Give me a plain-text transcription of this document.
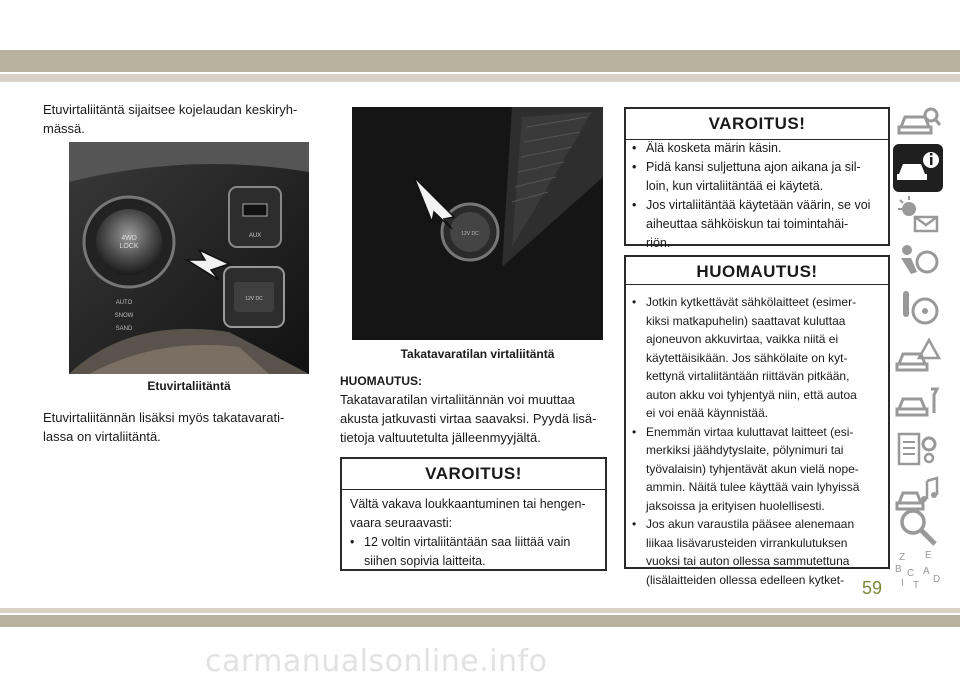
Etuvirtaliitäntä sijaitsee kojelaudan keskiryh-
mässä.
4WD
LOCK
AUX
12V DC
AUTO
SNOW
SAND
Etuvirtaliitäntä
Etuvirtaliitännän lisäksi myös takatavarati-
lassa on virtaliitäntä.
12V DC
Takatavaratilan virtaliitäntä
HUOMAUTUS:
Takatavaratilan virtaliitännän voi muuttaa
akusta jatkuvasti virtaa saavaksi. Pyydä lisä-
tietoja valtuutetulta jälleenmyyjältä.
VAROITUS!
Vältä vakava loukkaantuminen tai hengen-
vaara seuraavasti:
• 12 voltin virtaliitäntään saa liittää vain
siihen sopivia laitteita.
VAROITUS!
• Älä kosketa märin käsin.
• Pidä kansi suljettuna ajon aikana ja sil-
loin, kun virtaliitäntää ei käytetä.
• Jos virtaliitäntää käytetään väärin, se voi
aiheuttaa sähköiskun tai toimintahäi-
riön.
HUOMAUTUS!
• Jotkin kytkettävät sähkölaitteet (esimer-
kiksi matkapuhelin) saattavat kuluttaa
ajoneuvon akkuvirtaa, vaikka niitä ei
käytettäisikään. Jos sähkölaite on kyt-
kettynä virtaliitäntään riittävän pitkään,
auton akku voi tyhjentyä niin, että autoa
ei voi enää käynnistää.
• Enemmän virtaa kuluttavat laitteet (esi-
merkiksi jäähdytyslaite, pölynimuri tai
työvalaisin) tyhjentävät akun vielä nope-
ammin. Näitä tulee käyttää vain lyhyissä
jaksoissa ja erityisen huolellisesti.
• Jos akun varaustila pääsee alenemaan
liikaa lisävarusteiden virrankulutuksen
vuoksi tai auton ollessa sammutettuna
(lisälaitteiden ollessa edelleen kytket-
Z E
B A
C
D
I T
59
carmanualsonline.info
